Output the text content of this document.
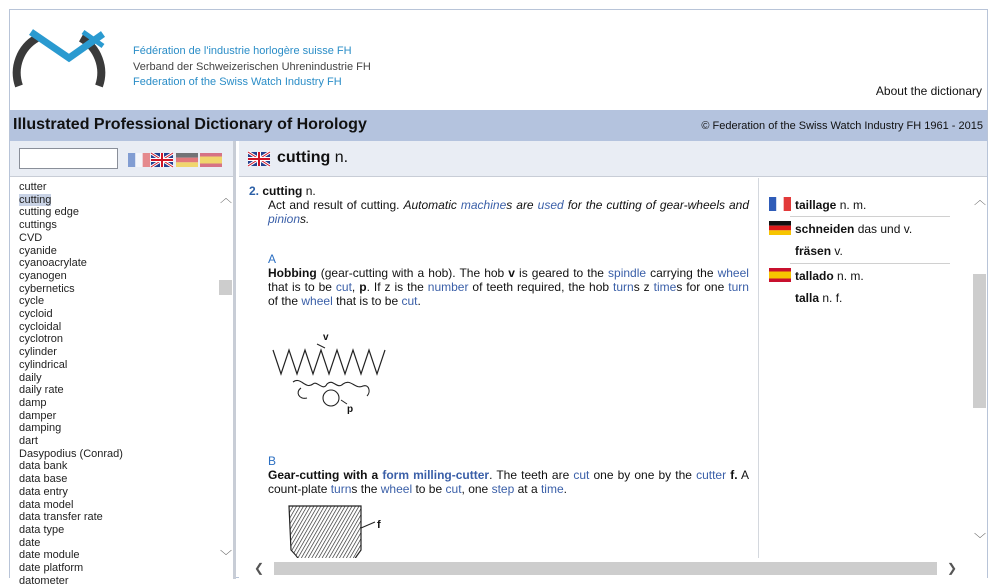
Fédération de l'industrie horlogère suisse FH
Verband der Schweizerischen Uhrenindustrie FH
Federation of the Swiss Watch Industry FH
About the dictionary
Illustrated Professional Dictionary of Horology	© Federation of the Swiss Watch Industry FH 1961 - 2015
cutter
cutting
cutting edge
cuttings
CVD
cyanide
cyanoacrylate
cyanogen
cybernetics
cycle
cycloid
cycloidal
cyclotron
cylinder
cylindrical
daily
daily rate
damp
damper
damping
dart
Dasypodius (Conrad)
data bank
data base
data entry
data model
data transfer rate
data type
date
date module
date platform
datometer
︿
﹀
cutting n.
2. cutting n.
Act and result of cutting. Automatic machines are used for the cutting of gear-wheels and pinions.
A
Hobbing (gear-cutting with a hob). The hob v is geared to the spindle carrying the wheel that is to be cut, p. If z is the number of teeth required, the hob turns z times for one turn of the wheel that is to be cut.
v
p
B
Gear-cutting with a form milling-cutter. The teeth are cut one by one by the cutter f. A count-plate turns the wheel to be cut, one step at a time.
f
taillage n. m.
schneiden das und v.
fräsen v.
tallado n. m.
talla n. f.
︿
﹀
❮	❯
